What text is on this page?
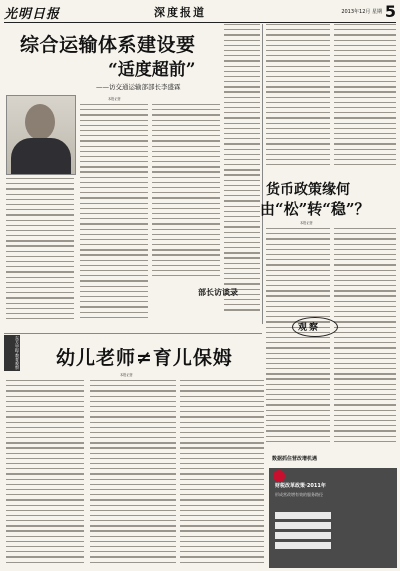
光明日报	深度报道	2013年12月 星期 5
综合运输体系建设要
“适度超前”
——访交通运输部部长李盛霖
本报记者
货币政策缘何
由“松”转“稳”？
本报记者
观察
部长访谈录
东方早报·教育观察 幼儿老师≠育儿保姆
本报记者
数据抓住营改增机遇
财税改革政策·2011年
形成营改增有效的服务路径
